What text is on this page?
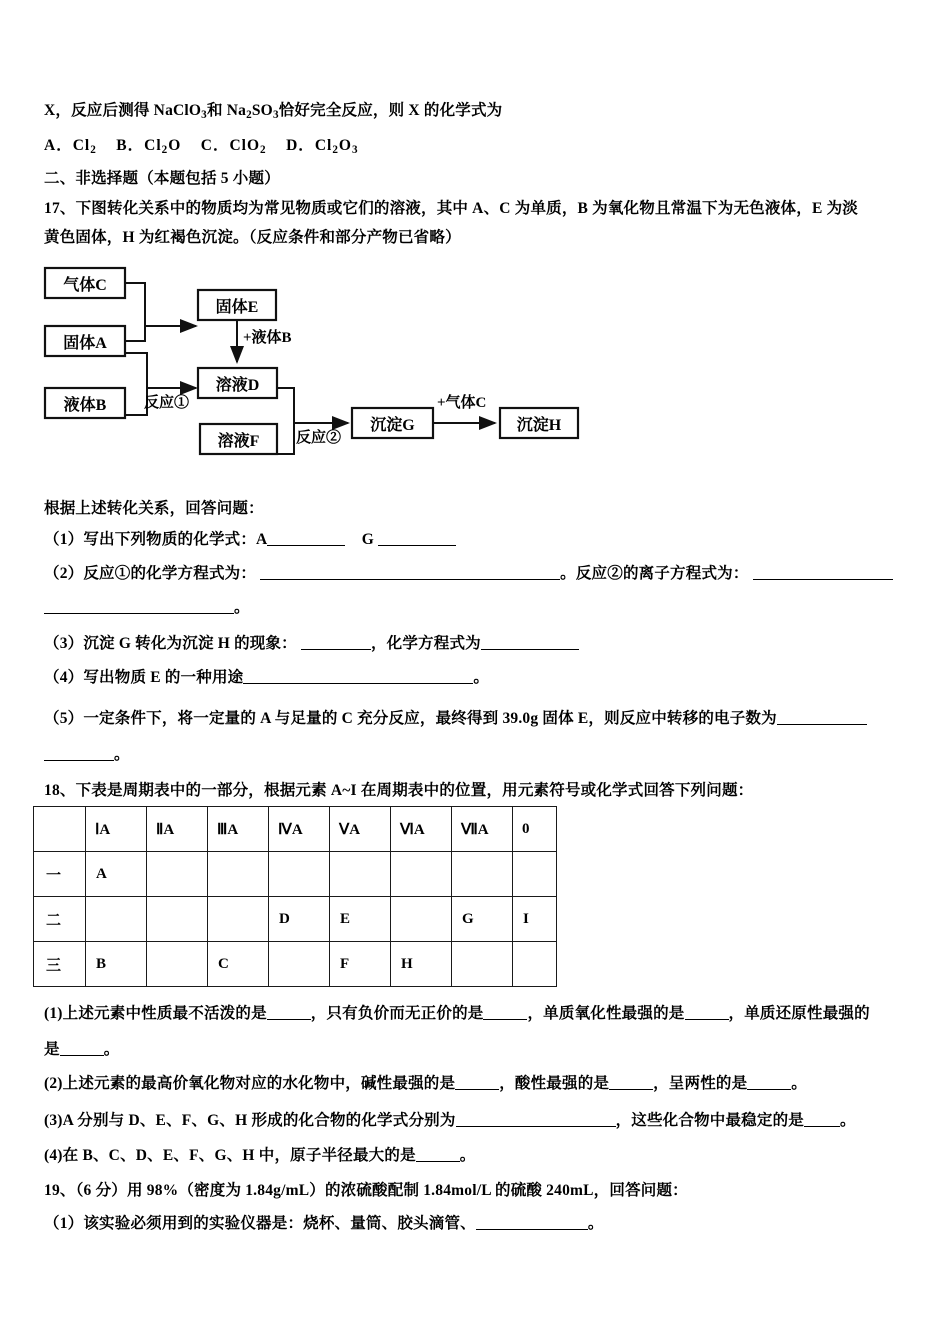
X，反应后测得 NaClO$_3$和 $Na_2SO_3$恰好完全反应，则 X 的化学式为
A．$Cl_2$ B．$Cl_2O$ C．ClO$_2$ D．$Cl_2O_3$
二、非选择题（本题包括 5 小题）
17、下图转化关系中的物质均为常见物质或它们的溶液，其中 A、C 为单质，B 为氧化物且常温下为无色液体，E 为淡
黄色固体，H 为红褐色沉淀。（反应条件和部分产物已省略）
气体C
固体A
液体B
固体E
溶液D
溶液F
沉淀G	沉淀H
+液体B
反应①
反应②
+气体C
根据上述转化关系，回答问题：
（1）写出下列物质的化学式：A	G
（2）反应①的化学方程式为：	。反应②的离子方程式为：
。
（3）沉淀 G 转化为沉淀 H 的现象：	，化学方程式为
（4）写出物质 E 的一种用途	。
（5）一定条件下，将一定量的 A 与足量的 C 充分反应，最终得到 39.0g 固体 E，则反应中转移的电子数为
。
18、下表是周期表中的一部分，根据元素 A~I 在周期表中的位置，用元素符号或化学式回答下列问题：
	ⅠA	ⅡA	ⅢA	ⅣA	ⅤA	ⅥA	ⅦA	0
一	A							
二				D	E		G	I
三	B		C		F	H		
(1)上述元素中性质最不活泼的是	，只有负价而无正价的是	，单质氧化性最强的是	，单质还原性最强的
是	。
(2)上述元素的最高价氧化物对应的水化物中，碱性最强的是	，酸性最强的是	，呈两性的是	。
(3)A 分别与 D、E、F、G、H 形成的化合物的化学式分别为	，这些化合物中最稳定的是 。
(4)在 B、C、D、E、F、G、H 中，原子半径最大的是	。
19、（6 分）用 98%（密度为 1.84g/mL）的浓硫酸配制 1.84mol/L 的硫酸 240mL，回答问题：
（1）该实验必须用到的实验仪器是：烧杯、量筒、胶头滴管、	。
